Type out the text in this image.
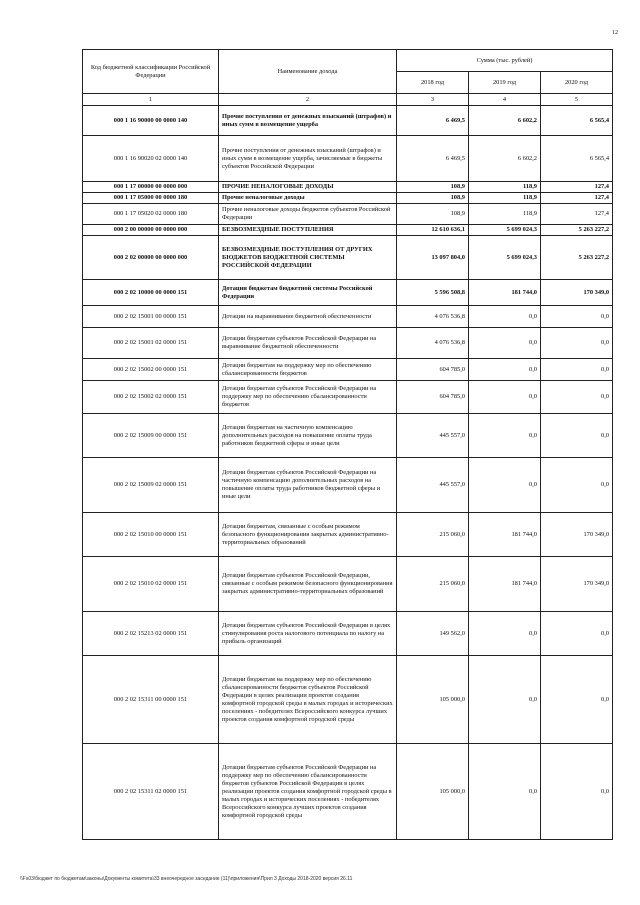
12
Код бюджетной классификации Российской Федерации	Наименование дохода	Сумма (тыс. рублей)		
		2018 год	2019 год	2020 год
1	2	3	4	5
000 1 16 90000 00 0000 140	Прочие поступления от денежных взысканий (штрафов) и иных сумм в возмещение ущерба	6 469,5	6 602,2	6 565,4
000 1 16 90020 02 0000 140	Прочие поступления от денежных взысканий (штрафов) и иных сумм в возмещение ущерба, зачисляемые в бюджеты субъектов Российской Федерации	6 469,5	6 602,2	6 565,4
000 1 17 00000 00 0000 000	ПРОЧИЕ НЕНАЛОГОВЫЕ ДОХОДЫ	108,9	118,9	127,4
000 1 17 05000 00 0000 180	Прочие неналоговые доходы	108,9	118,9	127,4
000 1 17 05020 02 0000 180	Прочие неналоговые доходы бюджетов субъектов Российской Федерации	108,9	118,9	127,4
000 2 00 00000 00 0000 000	БЕЗВОЗМЕЗДНЫЕ ПОСТУПЛЕНИЯ	12 610 636,1	5 699 024,3	5 263 227,2
000 2 02 00000 00 0000 000	БЕЗВОЗМЕЗДНЫЕ ПОСТУПЛЕНИЯ ОТ ДРУГИХ БЮДЖЕТОВ БЮДЖЕТНОЙ СИСТЕМЫ РОССИЙСКОЙ ФЕДЕРАЦИИ	13 097 804,0	5 699 024,3	5 263 227,2
000 2 02 10000 00 0000 151	Дотации бюджетам бюджетной системы Российской Федерации	5 596 508,8	181 744,0	170 349,0
000 2 02 15001 00 0000 151	Дотации на выравнивание бюджетной обеспеченности	4 076 536,8	0,0	0,0
000 2 02 15001 02 0000 151	Дотации бюджетам субъектов Российской Федерации на выравнивание бюджетной обеспеченности	4 076 536,8	0,0	0,0
000 2 02 15002 00 0000 151	Дотации бюджетам на поддержку мер по обеспечению сбалансированности бюджетов	604 785,0	0,0	0,0
000 2 02 15002 02 0000 151	Дотации бюджетам субъектов Российской Федерации на поддержку мер по обеспечению сбалансированности бюджетов	604 785,0	0,0	0,0
000 2 02 15009 00 0000 151	Дотации бюджетам на частичную компенсацию дополнительных расходов на повышение оплаты труда работников бюджетной сферы и иные цели	445 557,0	0,0	0,0
000 2 02 15009 02 0000 151	Дотации бюджетам субъектов Российской Федерации на частичную компенсацию дополнительных расходов на повышение оплаты труда работников бюджетной сферы и иные цели	445 557,0	0,0	0,0
000 2 02 15010 00 0000 151	Дотации бюджетам, связанные с особым режимом безопасного функционирования закрытых административно-территориальных образований	215 060,0	181 744,0	170 349,0
000 2 02 15010 02 0000 151	Дотации бюджетам субъектов Российской Федерации, связанные с особым режимом безопасного функционирования закрытых административно-территориальных образований	215 060,0	181 744,0	170 349,0
000 2 02 15213 02 0000 151	Дотации бюджетам субъектов Российской Федерации в целях стимулирования роста налогового потенциала по налогу на прибыль организаций	149 562,0	0,0	0,0
000 2 02 15311 00 0000 151	Дотации бюджетам на поддержку мер по обеспечению сбалансированности бюджетов субъектов Российской Федерации в целях реализации проектов создания комфортной городской среды в малых городах и исторических поселениях - победителях Всероссийского конкурса лучших проектов создания комфортной городской среды	105 000,0	0,0	0,0
000 2 02 15311 02 0000 151	Дотации бюджетам субъектов Российской Федерации на поддержку мер по обеспечению сбалансированности бюджетов субъектов Российской Федерации в целях реализации проектов создания комфортной городской среды в малых городах и исторических поселениях - победителях Всероссийского конкурса лучших проектов создания комфортной городской среды	105 000,0	0,0	0,0
\\Fs03\бюджет по бюджетам\законы\Документы комитета\33 внеочередное заседание (11)\приложения\Прил 3 Доходы 2018-2020 версия 26.11
